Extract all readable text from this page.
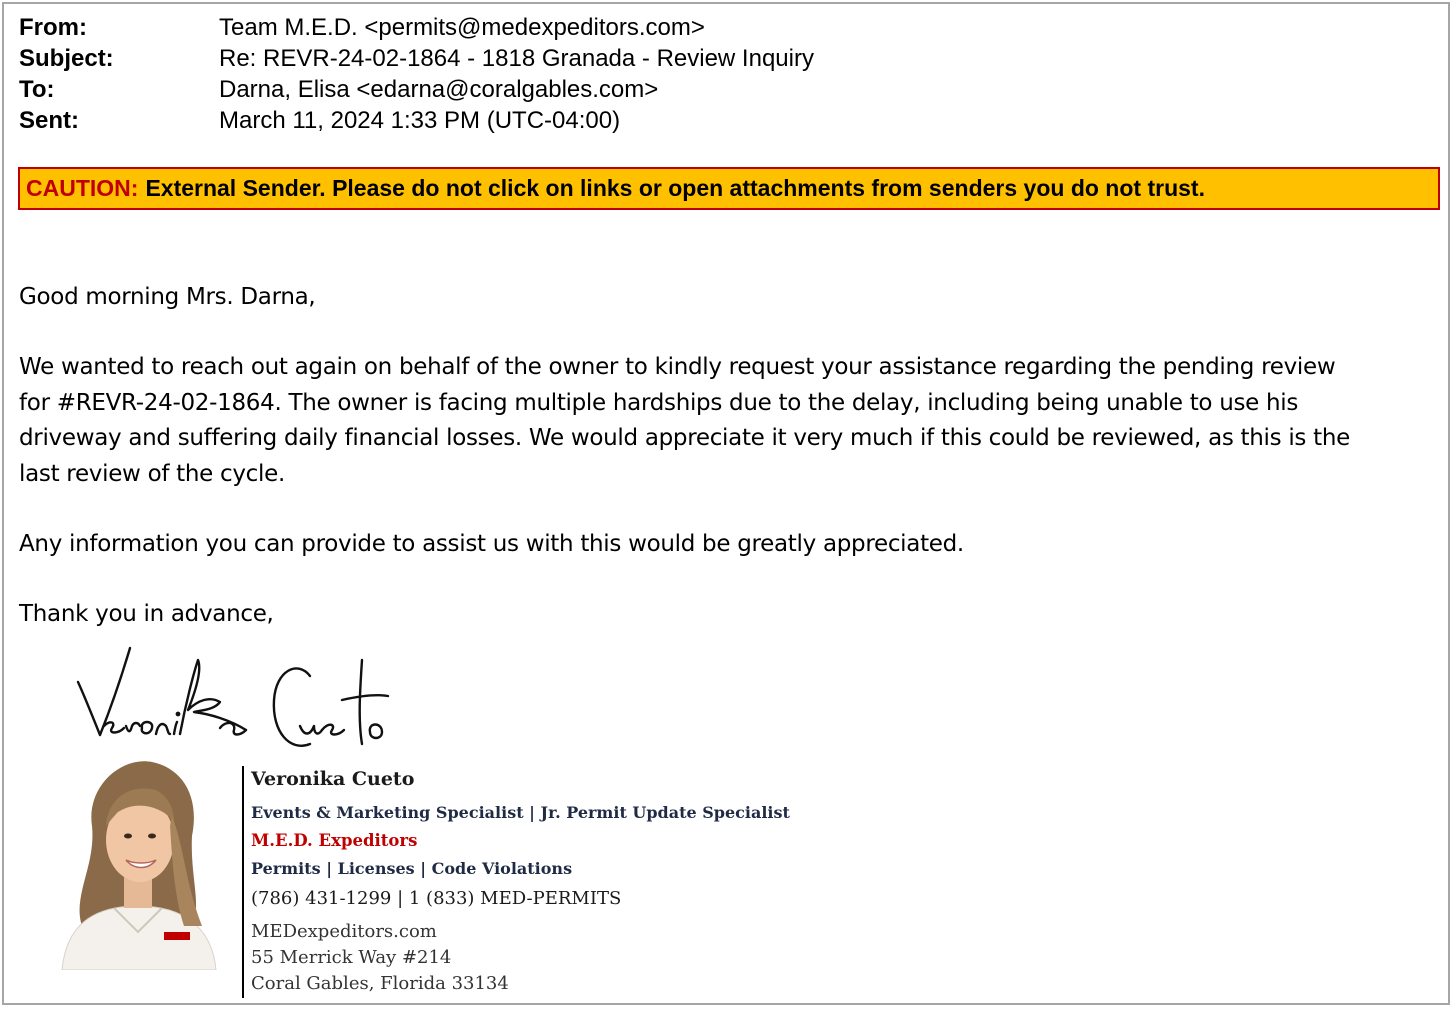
From:	Team M.E.D. <permits@medexpeditors.com>
Subject:	Re: REVR-24-02-1864 - 1818 Granada - Review Inquiry
To:	Darna, Elisa <edarna@coralgables.com>
Sent:	March 11, 2024 1:33 PM (UTC-04:00)
CAUTION: External Sender. Please do not click on links or open attachments from senders you do not trust.

Good morning Mrs. Darna,

We wanted to reach out again on behalf of the owner to kindly request your assistance regarding the pending review
for #REVR-24-02-1864. The owner is facing multiple hardships due to the delay, including being unable to use his
driveway and suffering daily financial losses. We would appreciate it very much if this could be reviewed, as this is the
last review of the cycle.

Any information you can provide to assist us with this would be greatly appreciated.

Thank you in advance,

Veronika Cueto
Events & Marketing Specialist | Jr. Permit Update Specialist
M.E.D. Expeditors
Permits | Licenses | Code Violations
(786) 431-1299 | 1 (833) MED-PERMITS
MEDexpeditors.com
55 Merrick Way #214
Coral Gables, Florida 33134
